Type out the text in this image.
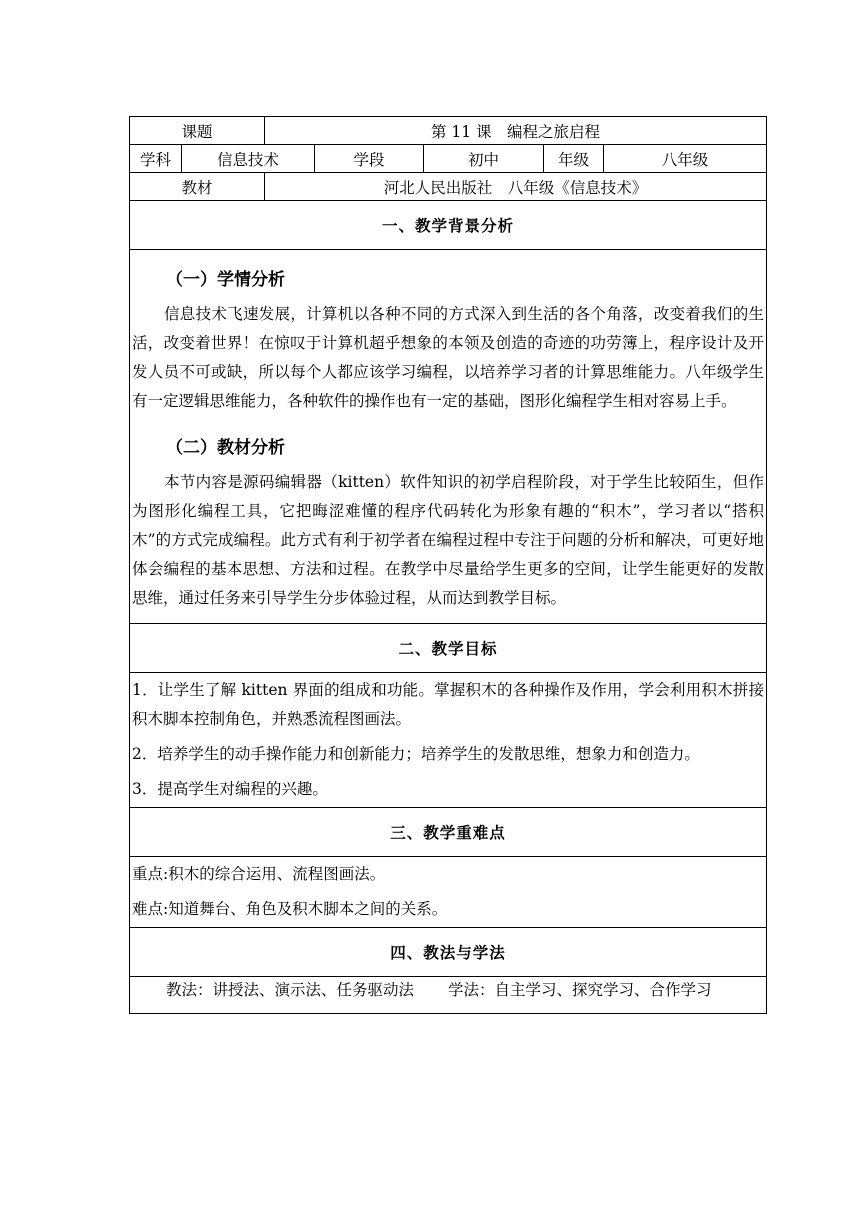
课题		第 11 课　编程之旅启程				
学科	信息技术		学段	初中	年级	八年级
教材		河北人民出版社　八年级《信息技术》				
一、教学背景分析						

（一）学情分析

信息技术飞速发展，计算机以各种不同的方式深入到生活的各个角落，改变着我们的生活，改变着世界！在惊叹于计算机超乎想象的本领及创造的奇迹的功劳簿上，程序设计及开发人员不可或缺，所以每个人都应该学习编程，以培养学习者的计算思维能力。八年级学生有一定逻辑思维能力，各种软件的操作也有一定的基础，图形化编程学生相对容易上手。

（二）教材分析

本节内容是源码编辑器（kitten）软件知识的初学启程阶段，对于学生比较陌生，但作为图形化编程工具，它把晦涩难懂的程序代码转化为形象有趣的“积木”，学习者以“搭积木”的方式完成编程。此方式有利于初学者在编程过程中专注于问题的分析和解决，可更好地体会编程的基本思想、方法和过程。在教学中尽量给学生更多的空间，让学生能更好的发散思维，通过任务来引导学生分步体验过程，从而达到教学目标。						

二、教学目标						

1．让学生了解 kitten 界面的组成和功能。掌握积木的各种操作及作用，学会利用积木拼接积木脚本控制角色，并熟悉流程图画法。

2．培养学生的动手操作能力和创新能力；培养学生的发散思维，想象力和创造力。

3．提高学生对编程的兴趣。						

三、教学重难点						

重点:积木的综合运用、流程图画法。

难点:知道舞台、角色及积木脚本之间的关系。						

四、教法与学法						

教法：讲授法、演示法、任务驱动法 学法：自主学习、探究学习、合作学习						
